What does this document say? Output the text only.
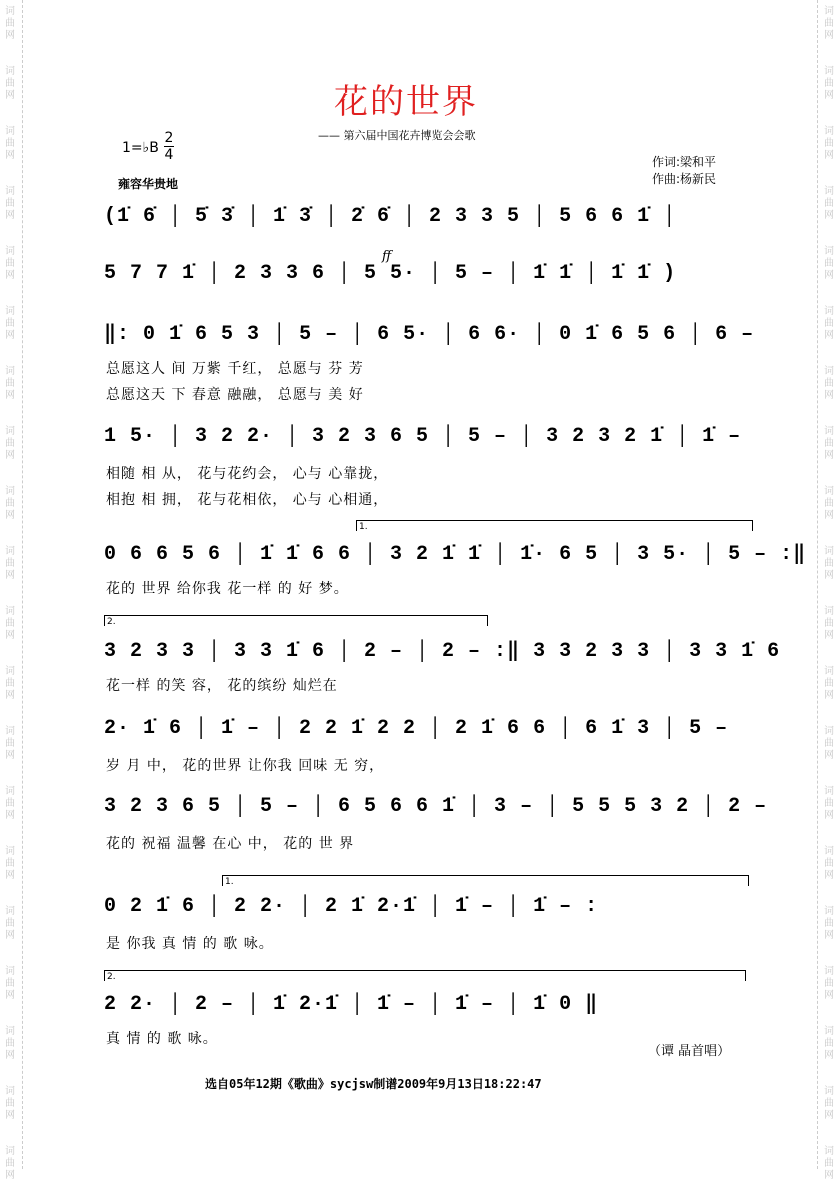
词曲网
词曲网
词曲网
词曲网
词曲网
词曲网
词曲网
词曲网
词曲网
词曲网
词曲网
词曲网
词曲网
词曲网
词曲网
词曲网
词曲网
词曲网
词曲网
词曲网
词曲网
词曲网
词曲网
词曲网
词曲网
词曲网
词曲网
词曲网
词曲网
词曲网
词曲网
词曲网
词曲网
词曲网
词曲网
词曲网
词曲网
词曲网
词曲网
词曲网
花的世界
—— 第六届中国花卉博览会会歌
1=♭B
2
4
雍容华贵地
作词:梁和平
作曲:杨新民
(1̇ 6̇ │ 5̇ 3̇ │ 1̇ 3̇ │ 2̇ 6̇ │ 2 3 3 5 │ 5 6 6 1̇ │
5 7 7 1̇ │ 2 3 3 6 │ 5 5· │ 5 – │ 1̇ 1̇ │ 1̇ 1̇ )
‖: 0 1̇ 6 5 3 │ 5 – │ 6 5· │ 6 6· │ 0 1̇ 6 5 6 │ 6 –
总愿这人 间 万紫 千红， 总愿与 芬 芳
总愿这天 下 春意 融融， 总愿与 美 好
1 5· │ 3 2 2· │ 3 2 3 6 5 │ 5 – │ 3 2 3 2 1̇ │ 1̇ –
相随 相 从， 花与花约会， 心与 心靠拢，
相抱 相 拥， 花与花相依， 心与 心相通，
0 6 6 5 6 │ 1̇ 1̇ 6 6 │ 3 2 1̇ 1̇ │ 1̇· 6 5 │ 3 5· │ 5 – :‖
花的 世界 给你我 花一样 的 好 梦。
3 2 3 3 │ 3 3 1̇ 6 │ 2 – │ 2 – :‖ 3 3 2 3 3 │ 3 3 1̇ 6
花一样 的笑 容， 花的缤纷 灿烂在
2· 1̇ 6 │ 1̇ – │ 2 2 1̇ 2 2 │ 2 1̇ 6 6 │ 6 1̇ 3 │ 5 –
岁 月 中， 花的世界 让你我 回味 无 穷，
3 2 3 6 5 │ 5 – │ 6 5 6 6 1̇ │ 3 – │ 5 5 5 3 2 │ 2 –
花的 祝福 温馨 在心 中， 花的 世 界
0 2 1̇ 6 │ 2 2· │ 2 1̇ 2·1̇ │ 1̇ – │ 1̇ – :
是 你我 真 情 的 歌 咏。
2 2· │ 2 – │ 1̇ 2·1̇ │ 1̇ – │ 1̇ – │ 1̇ 0 ‖
真 情 的 歌 咏。
1.
2.
1.
2.
ff
（谭 晶首唱）
选自05年12期《歌曲》sycjsw制谱2009年9月13日18:22:47
